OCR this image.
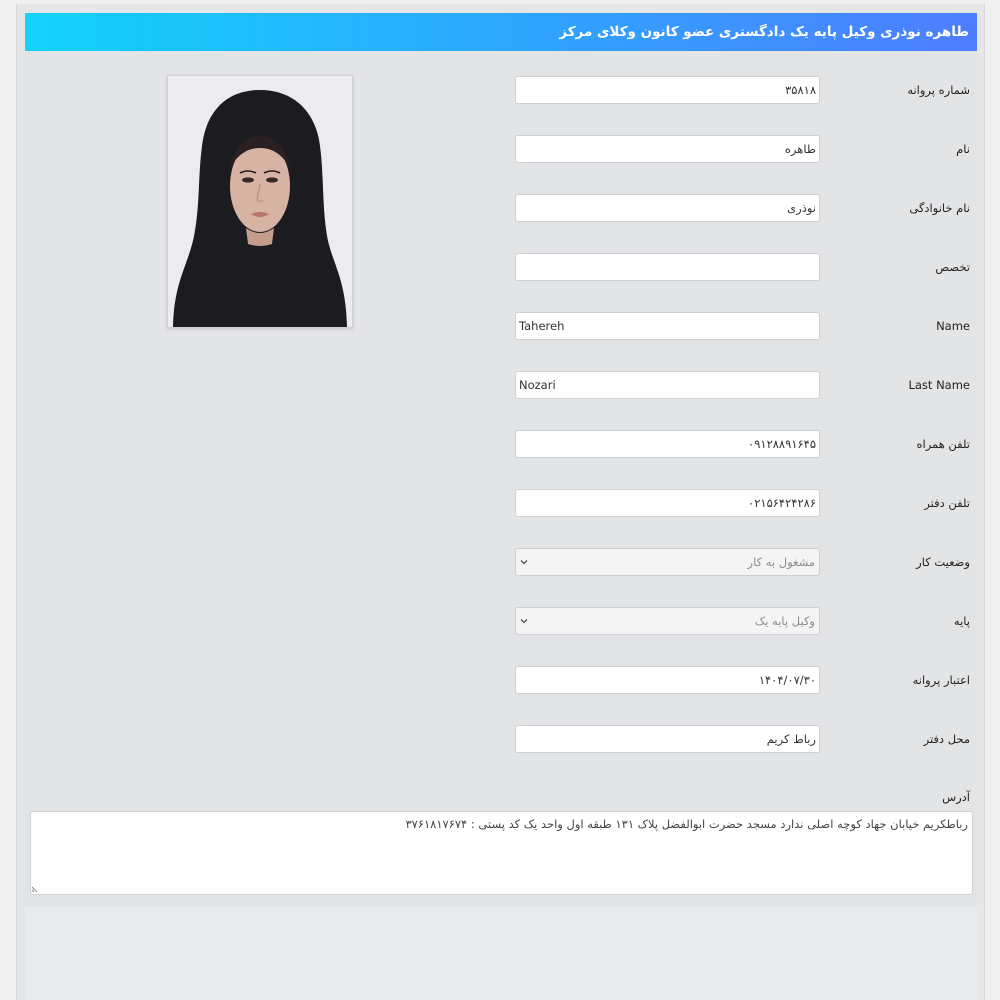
طاهره نوذری وکیل پایه یک دادگستری عضو کانون وکلای مرکز
شماره پروانه
۳۵۸۱۸
نام
طاهره
نام خانوادگی
نوذری
تخصص
Name
Tahereh
Last Name
Nozari
تلفن همراه
۰۹۱۲۸۸۹۱۶۴۵
تلفن دفتر
۰۲۱۵۶۴۲۴۲۸۶
وضعیت کار
مشغول به کار
پایه
وکیل پایه یک
اعتبار پروانه
۱۴۰۴/۰۷/۳۰
محل دفتر
رباط کریم
آدرس
رباطکریم خیابان جهاد کوچه اصلی ندارد مسجد حضرت ابوالفضل پلاک ۱۳۱ طبقه اول واحد یک کد پستی : ۳۷۶۱۸۱۷۶۷۴
